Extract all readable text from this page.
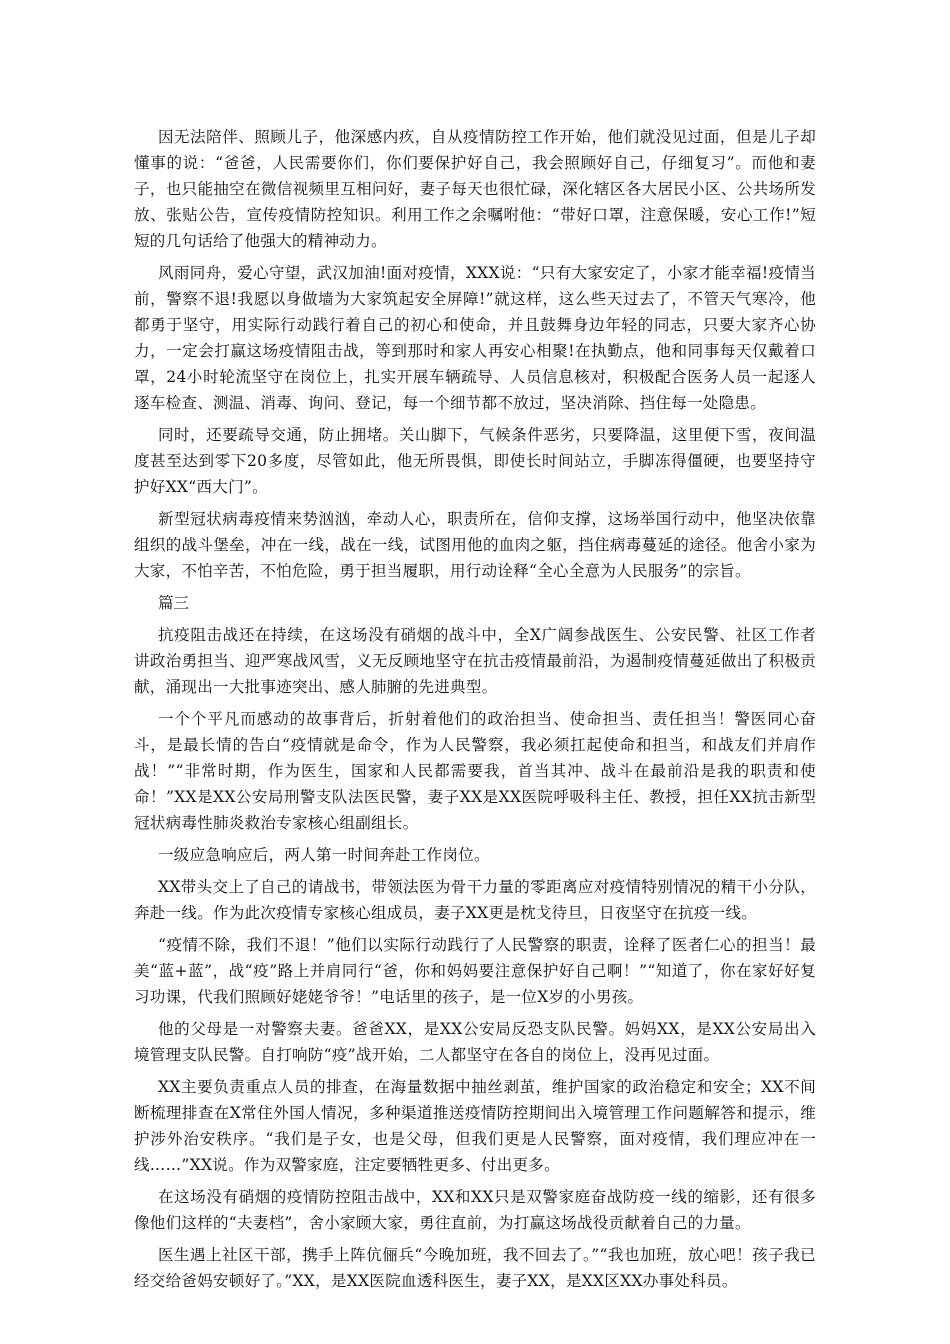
因无法陪伴、照顾儿子，他深感内疚，自从疫情防控工作开始，他们就没见过面，但是儿子却懂事的说：“爸爸，人民需要你们，你们要保护好自己，我会照顾好自己，仔细复习”。而他和妻子，也只能抽空在微信视频里互相问好，妻子每天也很忙碌，深化辖区各大居民小区、公共场所发放、张贴公告，宣传疫情防控知识。利用工作之余嘱咐他：“带好口罩，注意保暖，安心工作!”短短的几句话给了他强大的精神动力。

风雨同舟，爱心守望，武汉加油!面对疫情，XXX说：“只有大家安定了，小家才能幸福!疫情当前，警察不退!我愿以身做墙为大家筑起安全屏障!”就这样，这么些天过去了，不管天气寒冷，他都勇于坚守，用实际行动践行着自己的初心和使命，并且鼓舞身边年轻的同志，只要大家齐心协力，一定会打赢这场疫情阻击战，等到那时和家人再安心相聚!在执勤点，他和同事每天仅戴着口罩，24小时轮流坚守在岗位上，扎实开展车辆疏导、人员信息核对，积极配合医务人员一起逐人逐车检查、测温、消毒、询问、登记，每一个细节都不放过，坚决消除、挡住每一处隐患。

同时，还要疏导交通，防止拥堵。关山脚下，气候条件恶劣，只要降温，这里便下雪，夜间温度甚至达到零下20多度，尽管如此，他无所畏惧，即使长时间站立，手脚冻得僵硬，也要坚持守护好XX“西大门”。

新型冠状病毒疫情来势汹汹，牵动人心，职责所在，信仰支撑，这场举国行动中，他坚决依靠组织的战斗堡垒，冲在一线，战在一线，试图用他的血肉之躯，挡住病毒蔓延的途径。他舍小家为大家，不怕辛苦，不怕危险，勇于担当履职，用行动诠释“全心全意为人民服务”的宗旨。

篇三

抗疫阻击战还在持续，在这场没有硝烟的战斗中，全X广阔参战医生、公安民警、社区工作者讲政治勇担当、迎严寒战风雪，义无反顾地坚守在抗击疫情最前沿，为遏制疫情蔓延做出了积极贡献，涌现出一大批事迹突出、感人肺腑的先进典型。

一个个平凡而感动的故事背后，折射着他们的政治担当、使命担当、责任担当！警医同心奋斗，是最长情的告白“疫情就是命令，作为人民警察，我必须扛起使命和担当，和战友们并肩作战！”“非常时期，作为医生，国家和人民都需要我，首当其冲、战斗在最前沿是我的职责和使命！”XX是XX公安局刑警支队法医民警，妻子XX是XX医院呼吸科主任、教授，担任XX抗击新型冠状病毒性肺炎救治专家核心组副组长。

一级应急响应后，两人第一时间奔赴工作岗位。

XX带头交上了自己的请战书，带领法医为骨干力量的零距离应对疫情特别情况的精干小分队，奔赴一线。作为此次疫情专家核心组成员，妻子XX更是枕戈待旦，日夜坚守在抗疫一线。

“疫情不除，我们不退！”他们以实际行动践行了人民警察的职责，诠释了医者仁心的担当！最美“蓝+蓝”，战“疫”路上并肩同行“爸，你和妈妈要注意保护好自己啊！”“知道了，你在家好好复习功课，代我们照顾好姥姥爷爷！”电话里的孩子，是一位X岁的小男孩。

他的父母是一对警察夫妻。爸爸XX，是XX公安局反恐支队民警。妈妈XX，是XX公安局出入境管理支队民警。自打响防“疫”战开始，二人都坚守在各自的岗位上，没再见过面。

XX主要负责重点人员的排查，在海量数据中抽丝剥茧，维护国家的政治稳定和安全；XX不间断梳理排查在X常住外国人情况，多种渠道推送疫情防控期间出入境管理工作问题解答和提示，维护涉外治安秩序。“我们是子女，也是父母，但我们更是人民警察，面对疫情，我们理应冲在一线……”XX说。作为双警家庭，注定要牺牲更多、付出更多。

在这场没有硝烟的疫情防控阻击战中，XX和XX只是双警家庭奋战防疫一线的缩影，还有很多像他们这样的“夫妻档”，舍小家顾大家，勇往直前，为打赢这场战役贡献着自己的力量。

医生遇上社区干部，携手上阵伉俪兵“今晚加班，我不回去了。”“我也加班，放心吧！孩子我已经交给爸妈安顿好了。”XX，是XX医院血透科医生，妻子XX，是XX区XX办事处科员。
